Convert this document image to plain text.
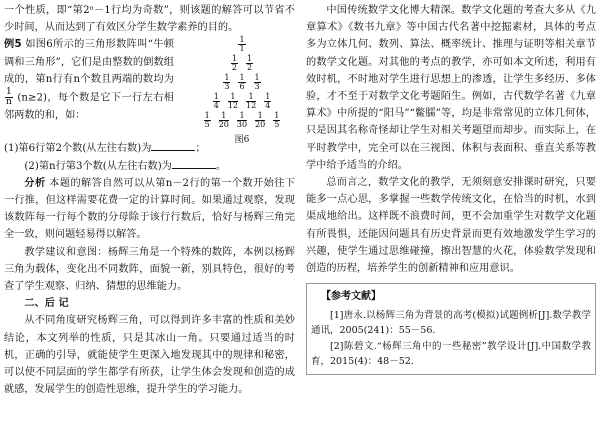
一个性质，即“第2ⁿ－1行均为奇数”，则该题的解答可以节省不少时间，从而达到了有效区分学生数学素养的目的。

例5 如图6所示的三角形数阵叫“牛顿调和三角形”，它们是由整数的倒数组成的，第n行有n个数且两端的数均为
$\frac{1}{n} (n\ge 2)$，每个数是它下一行左右相邻两数的和，如：	$\frac{1}{5} \frac{1}{20} \frac{1}{30} \frac{1}{20} \frac{1}{5}$
$\frac{1}{4} \frac{1}{12} \frac{1}{12} \frac{1}{4}$
$\frac{1}{3} \frac{1}{6} \frac{1}{3}$
$\frac{1}{2} \frac{1}{2}$
$\frac{1}{1}$
图6

(1)第6行第2个数(从左往右数)为	；

(2)第n行第3个数(从左往右数)为	。

分析 本题的解答自然可以从第n－2行的第一个数开始往下一行推，但这样需要花费一定的计算时间。如果通过观察，发现该数阵每一行每个数的分母除于该行行数后，恰好与杨辉三角完全一致，则问题轻易得以解答。

教学建议和意图：杨辉三角是一个特殊的数阵，本例以杨辉三角为载体，变化出不同数阵，面貌一新，别具特色，很好的考查了学生观察、归纳、猜想的思维能力。

二、后 记

从不同角度研究杨辉三角，可以得到许多丰富的性质和美妙结论，本文列举的性质，只是其冰山一角。只要通过适当的时机，正确的引导，就能使学生更深入地发现其中的规律和秘密，可以使不同层面的学生都学有所获，让学生体会发现和创造的成就感，发展学生的创造性思维，提升学生的学习能力。

中国传统数学文化博大精深。数学文化题的考查大多从《九章算术》《数书九章》等中国古代名著中挖掘素材，具体的考点多为立体几何、数列、算法、概率统计、推理与证明等相关章节的数学文化题。对其他的考点的教学，亦可如本文所述，利用有效时机，不时地对学生进行思想上的渗透，让学生多经历、多体验，才不至于对数学文化考题陌生。例如，古代数学名著《九章算术》中所提的“阳马”“鳖臑”等，均是非常常见的立体几何体，只是因其名称奇怪却让学生对相关考题望而却步。而实际上，在平时教学中，完全可以在三视图、体积与表面积、垂直关系等教学中给予适当的介绍。

总而言之，数学文化的教学，无须刻意安排课时研究，只要能多一点心思，多掌握一些数学传统文化，在恰当的时机，水到渠成地给出。这样既不浪费时间，更不会加重学生对数学文化题有所畏惧，还能因问题具有历史背景而更有效地激发学生学习的兴趣，使学生通过思维碰撞，擦出智慧的火花，体验数学发现和创造的历程，培养学生的创新精神和应用意识。

【参考文献】

[1]唐永.以杨辉三角为背景的高考(模拟)试题例析[J].数学教学通讯，2005(241)：55－56.

[2]陈碧文.“杨辉三角中的一些秘密”教学设计[J].中国数学教育，2015(4)：48－52.
